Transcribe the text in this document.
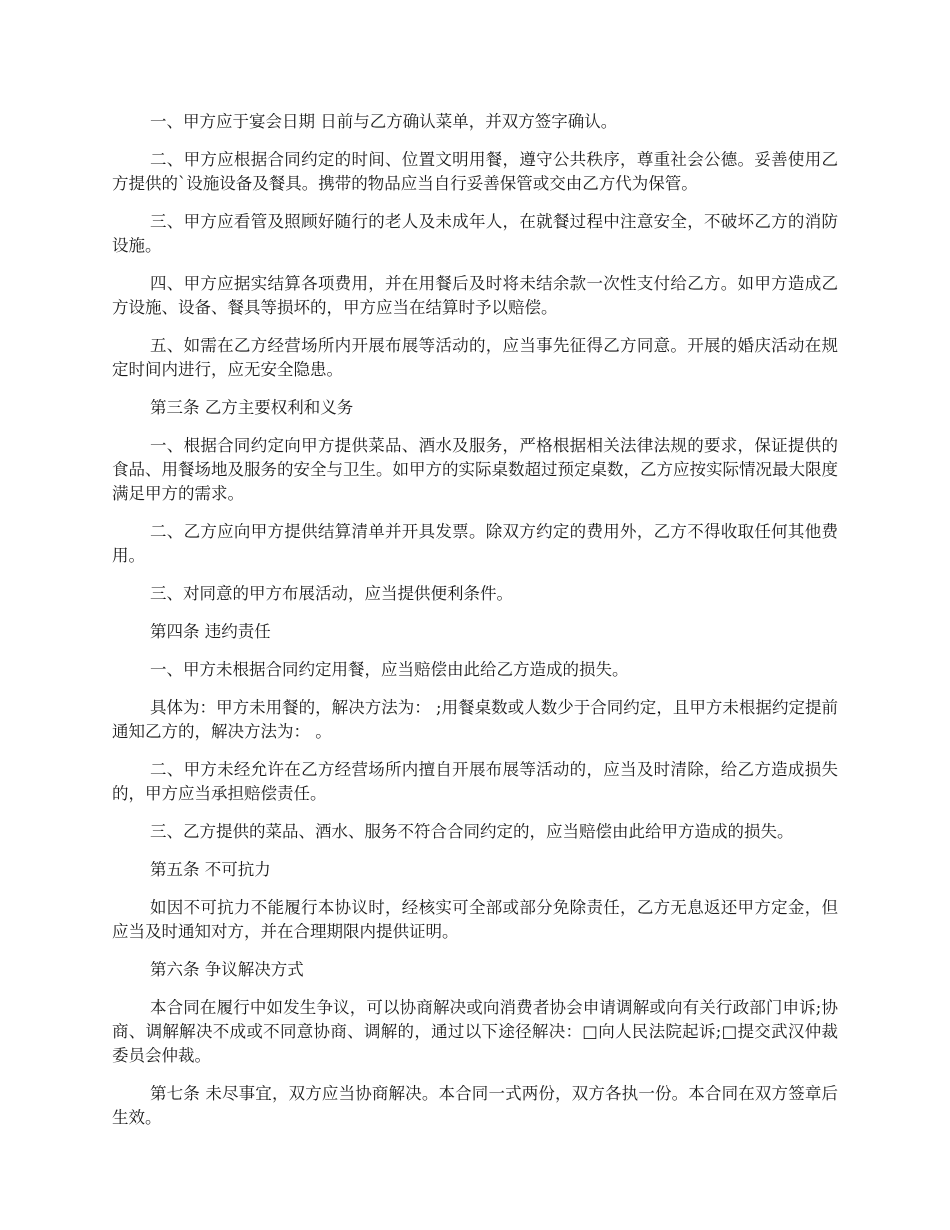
一、甲方应于宴会日期 日前与乙方确认菜单，并双方签字确认。

二、甲方应根据合同约定的时间、位置文明用餐，遵守公共秩序，尊重社会公德。妥善使用乙方提供的`设施设备及餐具。携带的物品应当自行妥善保管或交由乙方代为保管。

三、甲方应看管及照顾好随行的老人及未成年人，在就餐过程中注意安全，不破坏乙方的消防设施。

四、甲方应据实结算各项费用，并在用餐后及时将未结余款一次性支付给乙方。如甲方造成乙方设施、设备、餐具等损坏的，甲方应当在结算时予以赔偿。

五、如需在乙方经营场所内开展布展等活动的，应当事先征得乙方同意。开展的婚庆活动在规定时间内进行，应无安全隐患。

第三条 乙方主要权利和义务

一、根据合同约定向甲方提供菜品、酒水及服务，严格根据相关法律法规的要求，保证提供的食品、用餐场地及服务的安全与卫生。如甲方的实际桌数超过预定桌数，乙方应按实际情况最大限度满足甲方的需求。

二、乙方应向甲方提供结算清单并开具发票。除双方约定的费用外，乙方不得收取任何其他费用。

三、对同意的甲方布展活动，应当提供便利条件。

第四条 违约责任

一、甲方未根据合同约定用餐，应当赔偿由此给乙方造成的损失。

具体为：甲方未用餐的，解决方法为： ;用餐桌数或人数少于合同约定，且甲方未根据约定提前通知乙方的，解决方法为： 。

二、甲方未经允许在乙方经营场所内擅自开展布展等活动的，应当及时清除，给乙方造成损失的，甲方应当承担赔偿责任。

三、乙方提供的菜品、酒水、服务不符合合同约定的，应当赔偿由此给甲方造成的损失。

第五条 不可抗力

如因不可抗力不能履行本协议时，经核实可全部或部分免除责任，乙方无息返还甲方定金，但应当及时通知对方，并在合理期限内提供证明。

第六条 争议解决方式

本合同在履行中如发生争议，可以协商解决或向消费者协会申请调解或向有关行政部门申诉;协商、调解解决不成或不同意协商、调解的，通过以下途径解决：□向人民法院起诉;□提交武汉仲裁委员会仲裁。

第七条 未尽事宜，双方应当协商解决。本合同一式两份，双方各执一份。本合同在双方签章后生效。
